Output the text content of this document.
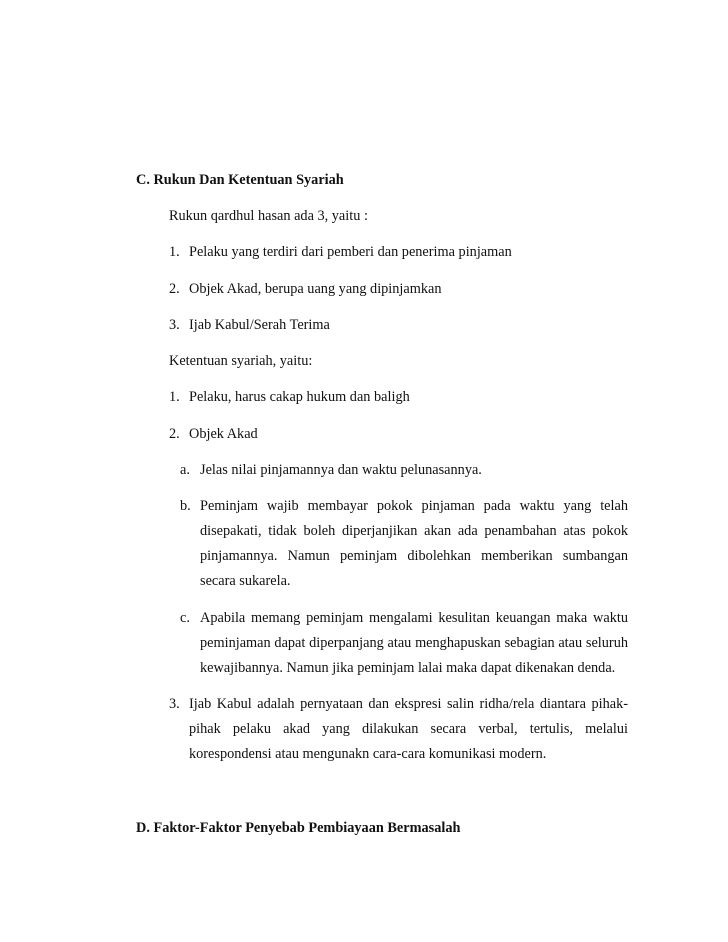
C. Rukun Dan Ketentuan Syariah
Rukun qardhul hasan ada 3, yaitu :
1. Pelaku yang terdiri dari pemberi dan penerima pinjaman
2. Objek Akad, berupa uang yang dipinjamkan
3. Ijab Kabul/Serah Terima
Ketentuan syariah, yaitu:
1. Pelaku, harus cakap hukum dan baligh
2. Objek Akad
a. Jelas nilai pinjamannya dan waktu pelunasannya.
b. Peminjam wajib membayar pokok pinjaman pada waktu yang telah
disepakati, tidak boleh diperjanjikan akan ada penambahan atas pokok
pinjamannya. Namun peminjam dibolehkan memberikan sumbangan
secara sukarela.
c. Apabila memang peminjam mengalami kesulitan keuangan maka waktu
peminjaman dapat diperpanjang atau menghapuskan sebagian atau seluruh
kewajibannya. Namun jika peminjam lalai maka dapat dikenakan denda.
3. Ijab Kabul adalah pernyataan dan ekspresi salin ridha/rela diantara pihak-
pihak pelaku akad yang dilakukan secara verbal, tertulis, melalui
korespondensi atau mengunakn cara-cara komunikasi modern.
D. Faktor-Faktor Penyebab Pembiayaan Bermasalah
